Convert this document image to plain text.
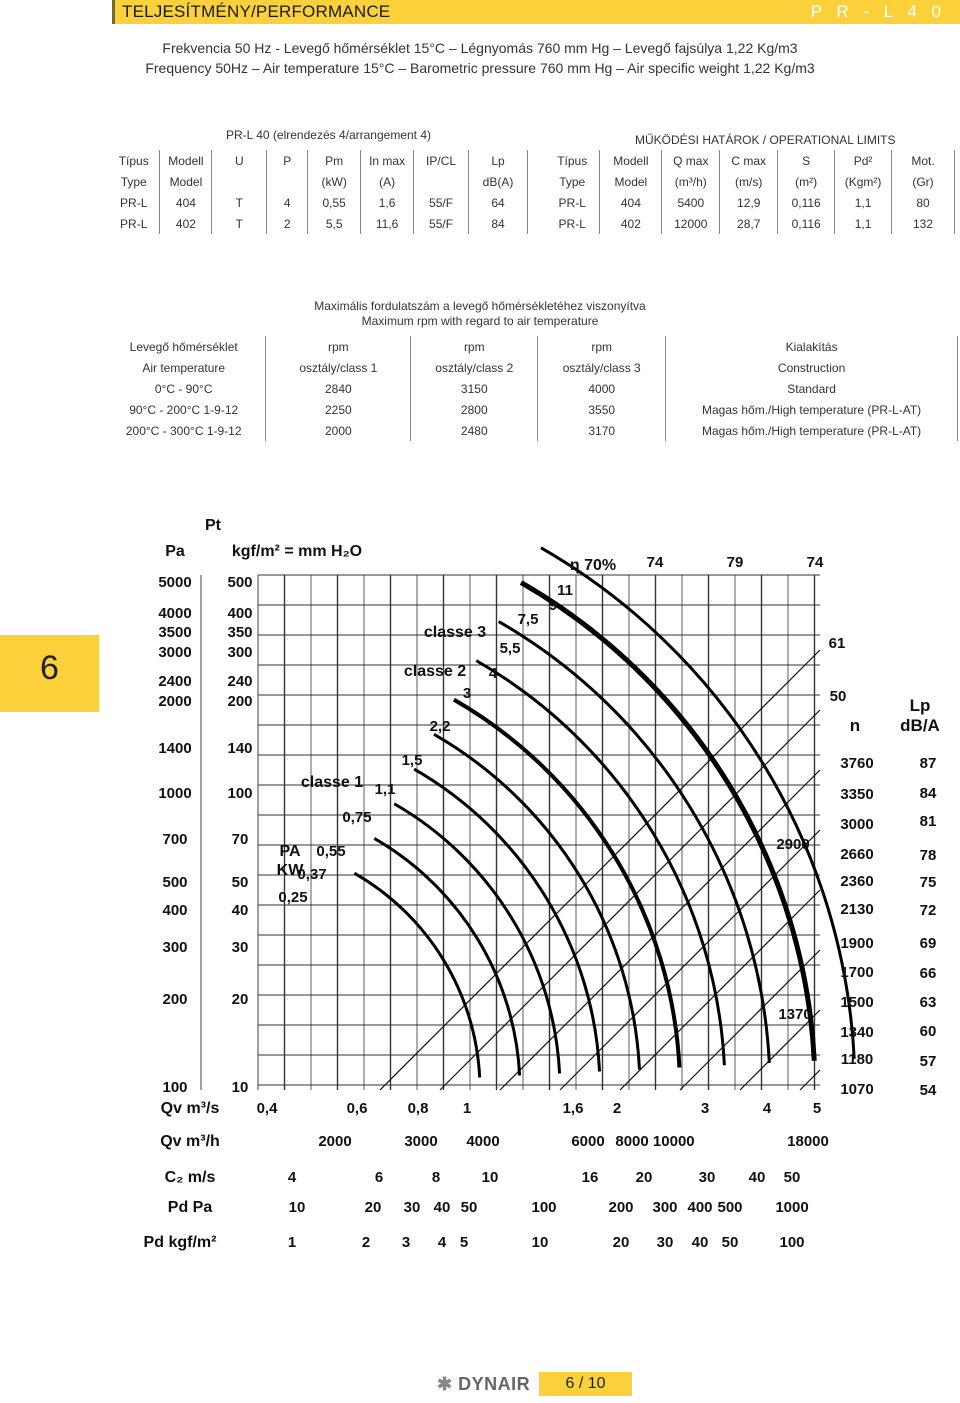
TELJESÍTMÉNY/PERFORMANCE	P R - L 4 0
Frekvencia 50 Hz - Levegő hőmérséklet 15°C – Légnyomás 760 mm Hg – Levegő fajsúlya 1,22 Kg/m3
Frequency 50Hz – Air temperature 15°C – Barometric pressure 760 mm Hg – Air specific weight 1,22 Kg/m3
PR-L 40 (elrendezés 4/arrangement 4)
Típus	Modell	U	P	Pm	In max	IP/CL	Lp
Type	Model			(kW)	(A)		dB(A)
PR-L	404	T	4	0,55	1,6	55/F	64
PR-L	402	T	2	5,5	11,6	55/F	84
MŰKÖDÉSI HATÁROK / OPERATIONAL LIMITS
Típus	Modell	Q max	C max	S	Pd²	Mot.
Type	Model	(m³/h)	(m/s)	(m²)	(Kgm²)	(Gr)
PR-L	404	5400	12,9	0,116	1,1	80
PR-L	402	12000	28,7	0,116	1,1	132
Maximális fordulatszám a levegő hőmérsékletéhez viszonyítva
Maximum rpm with regard to air temperature
Levegő hőmérséklet	rpm	rpm	rpm	Kialakítás
Air temperature	osztály/class 1	osztály/class 2	osztály/class 3	Construction
0°C - 90°C	2840	3150	4000	Standard
90°C - 200°C 1-9-12	2250	2800	3550	Magas hőm./High temperature (PR-L-AT)
200°C - 300°C 1-9-12	2000	2480	3170	Magas hőm./High temperature (PR-L-AT)
6
Pt
Pa	kgf/m² = mm H₂O
η 70%
Lp
dB/A
n
5000
4000
3500
3000
2400
2000
1400
1000
700
500
400
300
200
100
500
400
350
300
240
200
140
100
70
50
40
30
20
10
74	79	74
61
50
11
9
7,5
5,5
4
3
2,2
1,5
1,1
0,75
0,55
0,37
0,25
PA
KW
classe 3
classe 2
classe 1
3760
3350
3000
2900
2660
2360
2130
1900
1700
1500
1370
1340
1180
1070
87
84
81
78
75
72
69
66
63
60
57
54
Qv m³/s
Qv m³/h
C₂ m/s
Pd Pa
Pd kgf/m²
0,4	0,6	0,8 1	1,6 2	3	4	5
2000	3000 4000	6000 8000 10000	18000
4	6	8	10	16 20	30 40 50
10	20 30 40 50	100	200 300 400 500 1000
1	2 3 4 5	10	20 30 40 50	100
✱ DYNAIR	6 / 10
